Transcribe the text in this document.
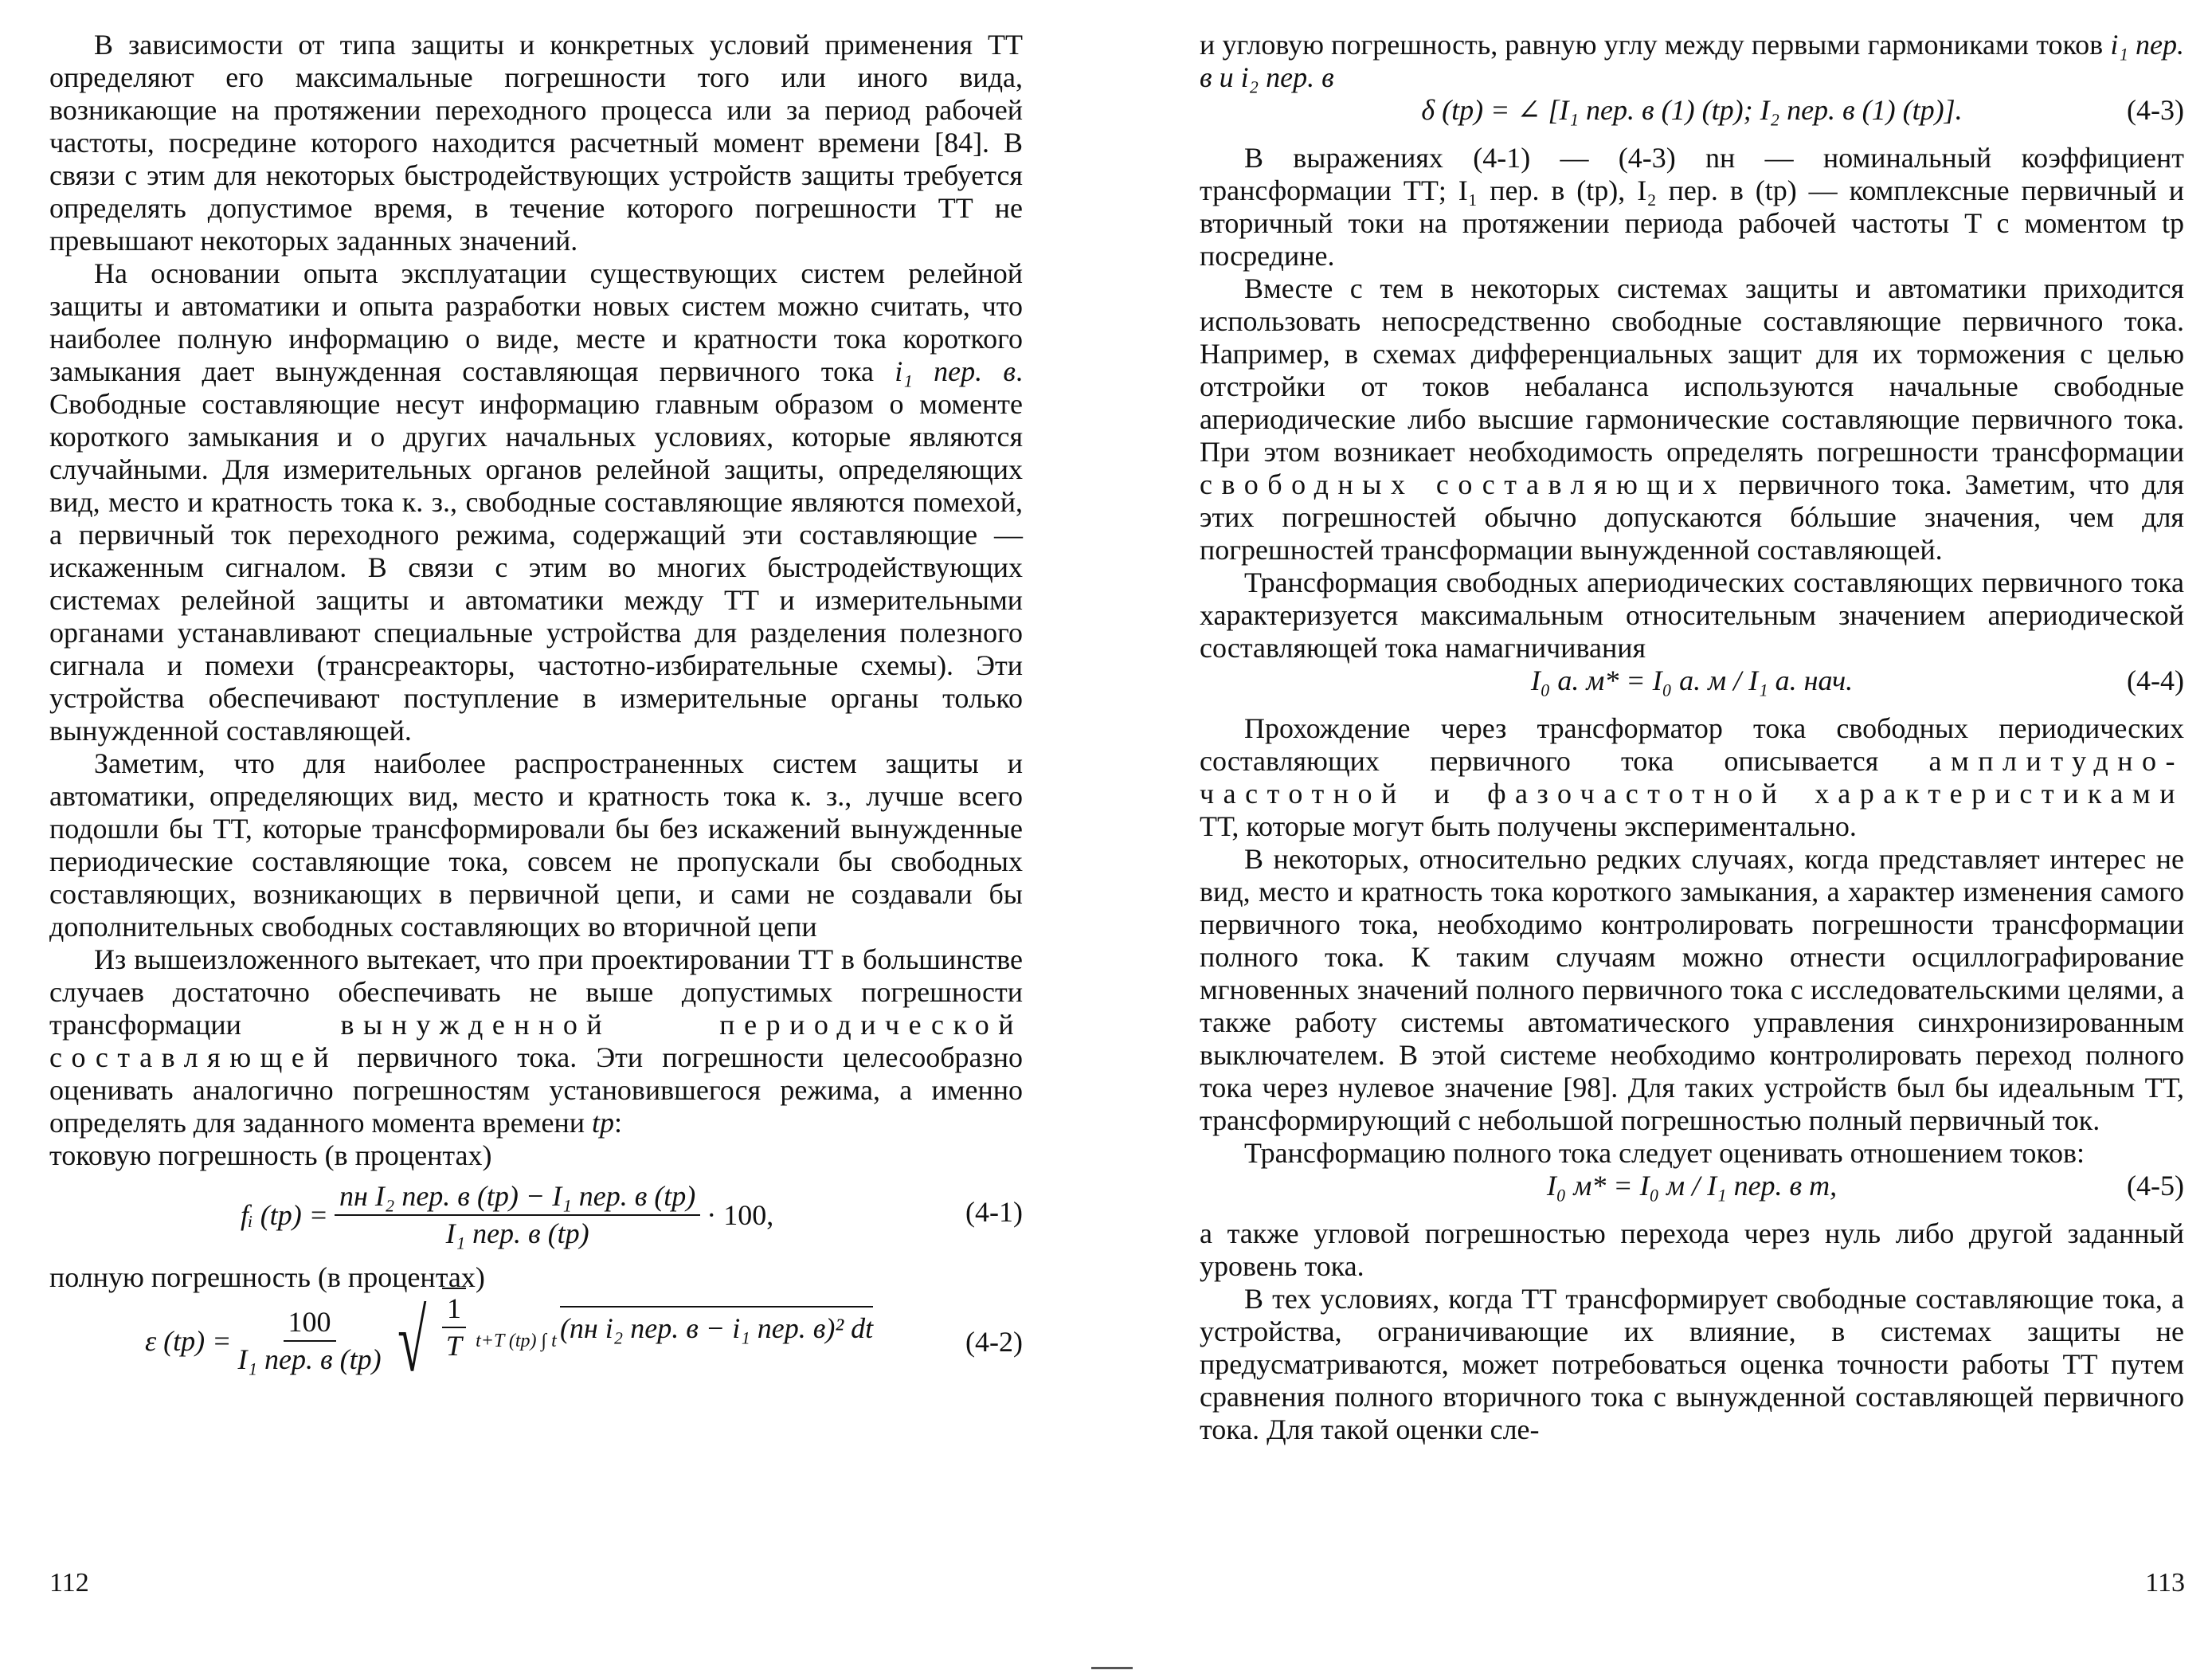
В зависимости от типа защиты и конкретных условий применения ТТ определяют его максимальные погрешности того или иного вида, возникающие на протяжении переходного процесса или за период рабочей частоты, посредине которого находится расчетный момент времени [84]. В связи с этим для некоторых быстродействующих устройств защиты требуется определять допустимое время, в течение которого погрешности ТТ не превышают некоторых заданных значений.

На основании опыта эксплуатации существующих систем релейной защиты и автоматики и опыта разработки новых систем можно считать, что наиболее полную информацию о виде, месте и кратности тока короткого замыкания дает вынужденная составляющая первичного тока i₁ пер. в. Свободные составляющие несут информацию главным образом о моменте короткого замыкания и о других начальных условиях, которые являются случайными. Для измерительных органов релейной защиты, определяющих вид, место и кратность тока к. з., свободные составляющие являются помехой, а первичный ток переходного режима, содержащий эти составляющие — искаженным сигналом. В связи с этим во многих быстродействующих системах релейной защиты и автоматики между ТТ и измерительными органами устанавливают специальные устройства для разделения полезного сигнала и помехи (трансреакторы, частотно-избирательные схемы). Эти устройства обеспечивают поступление в измерительные органы только вынужденной составляющей.

Заметим, что для наиболее распространенных систем защиты и автоматики, определяющих вид, место и кратность тока к. з., лучше всего подошли бы ТТ, которые трансформировали бы без искажений вынужденные периодические составляющие тока, совсем не пропускали бы свободных составляющих, возникающих в первичной цепи, и сами не создавали бы дополнительных свободных составляющих во вторичной цепи

Из вышеизложенного вытекает, что при проектировании ТТ в большинстве случаев достаточно обеспечивать не выше допустимых погрешности трансформации	вынужденной периодической составляющей первичного тока. Эти погрешности целесообразно оценивать аналогично погрешностям установившегося режима, а именно определять для заданного момента времени tр:

токовую погрешность (в процентах)

fᵢ (tр) =
nн I₂ пер. в (tр) − I₁ пер. в (tр)
I₁ пер. в (tр)
· 100,	(4-1)

полную погрешность (в процентах)

ε (tр) =
100
I₁ пер. в (tр) √ $\frac{1}{T} t+T$ (tр) ∫ t (nн i₂ пер. в − i₁ пер. в)² dt	(4-2)
112

и угловую погрешность, равную углу между первыми гармониками токов i₁ пер. в и i₂ пер. в

δ (tр) = ∠ [I₁ пер. в (1) (tр); I₂ пер. в (1) (tр)].	(4-3)

В выражениях (4-1) — (4-3) nн — номинальный коэффициент трансформации ТТ; I₁ пер. в (tр), I₂ пер. в (tр) — комплексные первичный и вторичный токи на протяжении периода рабочей частоты T с моментом tр посредине.

Вместе с тем в некоторых системах защиты и автоматики приходится использовать непосредственно свободные составляющие первичного тока. Например, в схемах дифференциальных защит для их торможения с целью отстройки от токов небаланса используются начальные свободные апериодические либо высшие гармонические составляющие первичного тока. При этом возникает необходимость определять погрешности трансформации свободных составляющих первичного тока. Заметим, что для этих погрешностей обычно допускаются бóльшие значения, чем для погрешностей трансформации вынужденной составляющей.

Трансформация свободных апериодических составляющих первичного тока характеризуется максимальным относительным значением апериодической составляющей тока намагничивания

I₀ а. м* = I₀ а. м / I₁ а. нач.	(4-4)

Прохождение через трансформатор тока свободных периодических составляющих первичного тока описывается амплитудно-частотной и фазочастотной характеристиками ТТ, которые могут быть получены экспериментально.

В некоторых, относительно редких случаях, когда представляет интерес не вид, место и кратность тока короткого замыкания, а характер изменения самого первичного тока, необходимо контролировать погрешности трансформации полного тока. К таким случаям можно отнести осциллографирование мгновенных значений полного первичного тока с исследовательскими целями, а также работу системы автоматического управления синхронизированным выключателем. В этой системе необходимо контролировать переход полного тока через нулевое значение [98]. Для таких устройств был бы идеальным ТТ, трансформирующий с небольшой погрешностью полный первичный ток.

Трансформацию полного тока следует оценивать отношением токов:

I₀ м* = I₀ м / I₁ пер. в m,	(4-5)

а также угловой погрешностью перехода через нуль либо другой заданный уровень тока.

В тех условиях, когда ТТ трансформирует свободные составляющие тока, а устройства, ограничивающие их влияние, в системах защиты не предусматриваются, может потребоваться оценка точности работы ТТ путем сравнения полного вторичного тока с вынужденной составляющей первичного тока. Для такой оценки сле-

113
